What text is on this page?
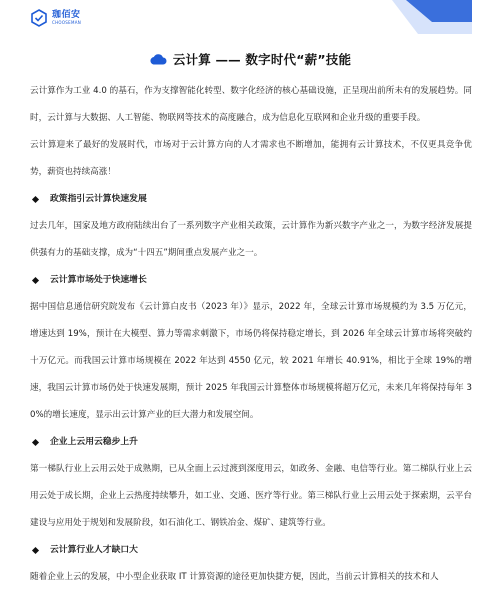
珈佰安
CHOOSEMAN
云计算 —— 数字时代“薪”技能

云计算作为工业 4.0 的基石，作为支撑智能化转型、数字化经济的核心基础设施，正呈现出前所未有的发展趋势。同时，云计算与大数据、人工智能、物联网等技术的高度融合，成为信息化互联网和企业升级的重要手段。

云计算迎来了最好的发展时代，市场对于云计算方向的人才需求也不断增加，能拥有云计算技术，不仅更具竞争优势，薪资也持续高涨！

政策指引云计算快速发展

过去几年，国家及地方政府陆续出台了一系列数字产业相关政策，云计算作为新兴数字产业之一，为数字经济发展提供强有力的基础支撑，成为“十四五”期间重点发展产业之一。

云计算市场处于快速增长

据中国信息通信研究院发布《云计算白皮书（2023 年）》显示，2022 年，全球云计算市场规模约为 3.5 万亿元，增速达到 19%，预计在大模型、算力等需求刺激下，市场仍将保持稳定增长，到 2026 年全球云计算市场将突破约十万亿元。而我国云计算市场规模在 2022 年达到 4550 亿元，较 2021 年增长 40.91%，相比于全球 19%的增速，我国云计算市场仍处于快速发展期，预计 2025 年我国云计算整体市场规模将超万亿元，未来几年将保持每年 30%的增长速度，显示出云计算产业的巨大潜力和发展空间。

企业上云用云稳步上升

第一梯队行业上云用云处于成熟期，已从全面上云过渡到深度用云，如政务、金融、电信等行业。第二梯队行业上云用云处于成长期，企业上云热度持续攀升，如工业、交通、医疗等行业。第三梯队行业上云用云处于探索期，云平台建设与应用处于规划和发展阶段，如石油化工、钢铁冶金、煤矿、建筑等行业。

云计算行业人才缺口大

随着企业上云的发展，中小型企业获取 IT 计算资源的途径更加快捷方便，因此，当前云计算相关的技术和人
